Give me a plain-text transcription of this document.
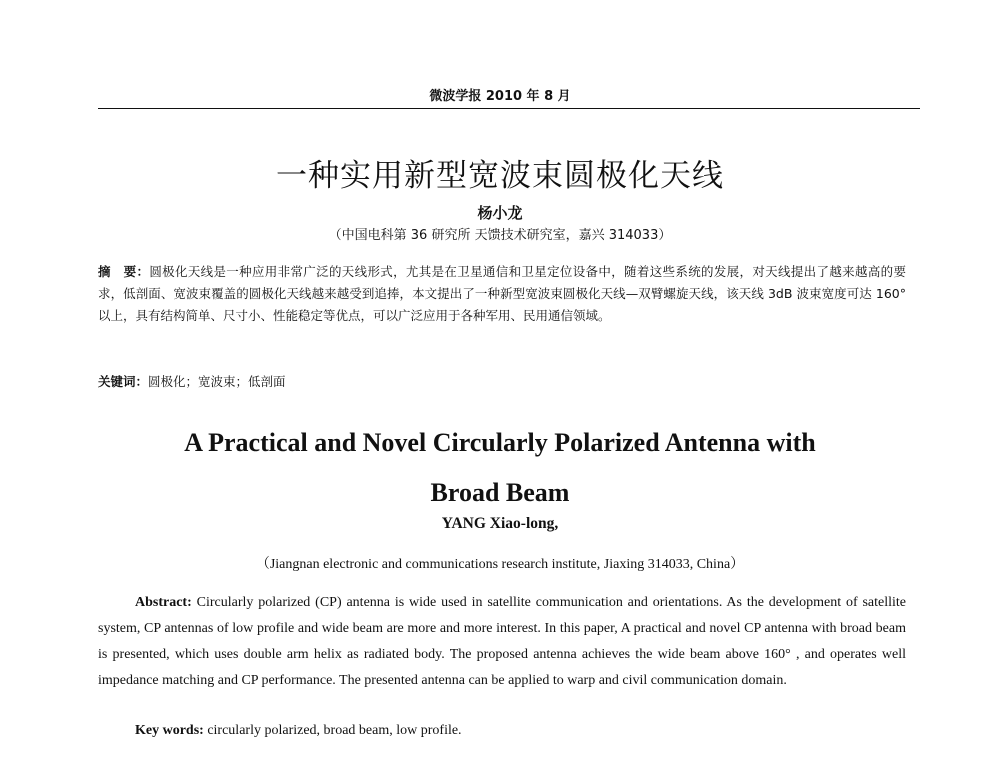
微波学报 2010 年 8 月
一种实用新型宽波束圆极化天线
杨小龙
（中国电科第 36 研究所 天馈技术研究室，嘉兴 314033）
摘　要：圆极化天线是一种应用非常广泛的天线形式，尤其是在卫星通信和卫星定位设备中，随着这些系统的发展，对天线提出了越来越高的要求，低剖面、宽波束覆盖的圆极化天线越来越受到追捧，本文提出了一种新型宽波束圆极化天线—双臂螺旋天线，该天线 3dB 波束宽度可达 160° 以上，具有结构简单、尺寸小、性能稳定等优点，可以广泛应用于各种军用、民用通信领域。
关键词：圆极化；宽波束；低剖面
A Practical and Novel Circularly Polarized Antenna with
Broad Beam
YANG Xiao-long,
（Jiangnan electronic and communications research institute, Jiaxing 314033, China）
Abstract: Circularly polarized (CP) antenna is wide used in satellite communication and orientations. As the development of satellite system, CP antennas of low profile and wide beam are more and more interest. In this paper, A practical and novel CP antenna with broad beam is presented, which uses double arm helix as radiated body. The proposed antenna achieves the wide beam above 160° , and operates well impedance matching and CP performance. The presented antenna can be applied to warp and civil communication domain.
Key words: circularly polarized, broad beam, low profile.
